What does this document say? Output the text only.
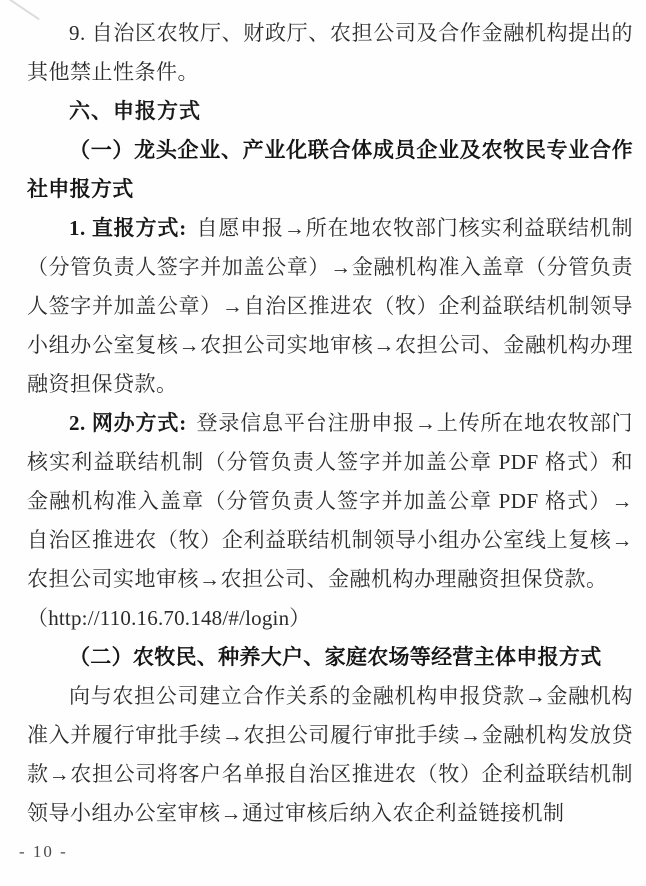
9. 自治区农牧厅、财政厅、农担公司及合作金融机构提出的其他禁止性条件。

六、申报方式
（一）龙头企业、产业化联合体成员企业及农牧民专业合作社申报方式

1. 直报方式: 自愿申报→所在地农牧部门核实利益联结机制（分管负责人签字并加盖公章）→金融机构准入盖章（分管负责人签字并加盖公章）→自治区推进农（牧）企利益联结机制领导小组办公室复核→农担公司实地审核→农担公司、金融机构办理融资担保贷款。

2. 网办方式: 登录信息平台注册申报→上传所在地农牧部门核实利益联结机制（分管负责人签字并加盖公章 PDF 格式）和金融机构准入盖章（分管负责人签字并加盖公章 PDF 格式）→自治区推进农（牧）企利益联结机制领导小组办公室线上复核→农担公司实地审核→农担公司、金融机构办理融资担保贷款。

（http://110.16.70.148/#/login）

（二）农牧民、种养大户、家庭农场等经营主体申报方式

向与农担公司建立合作关系的金融机构申报贷款→金融机构准入并履行审批手续→农担公司履行审批手续→金融机构发放贷款→农担公司将客户名单报自治区推进农（牧）企利益联结机制领导小组办公室审核→通过审核后纳入农企利益链接机制

- 10 -
